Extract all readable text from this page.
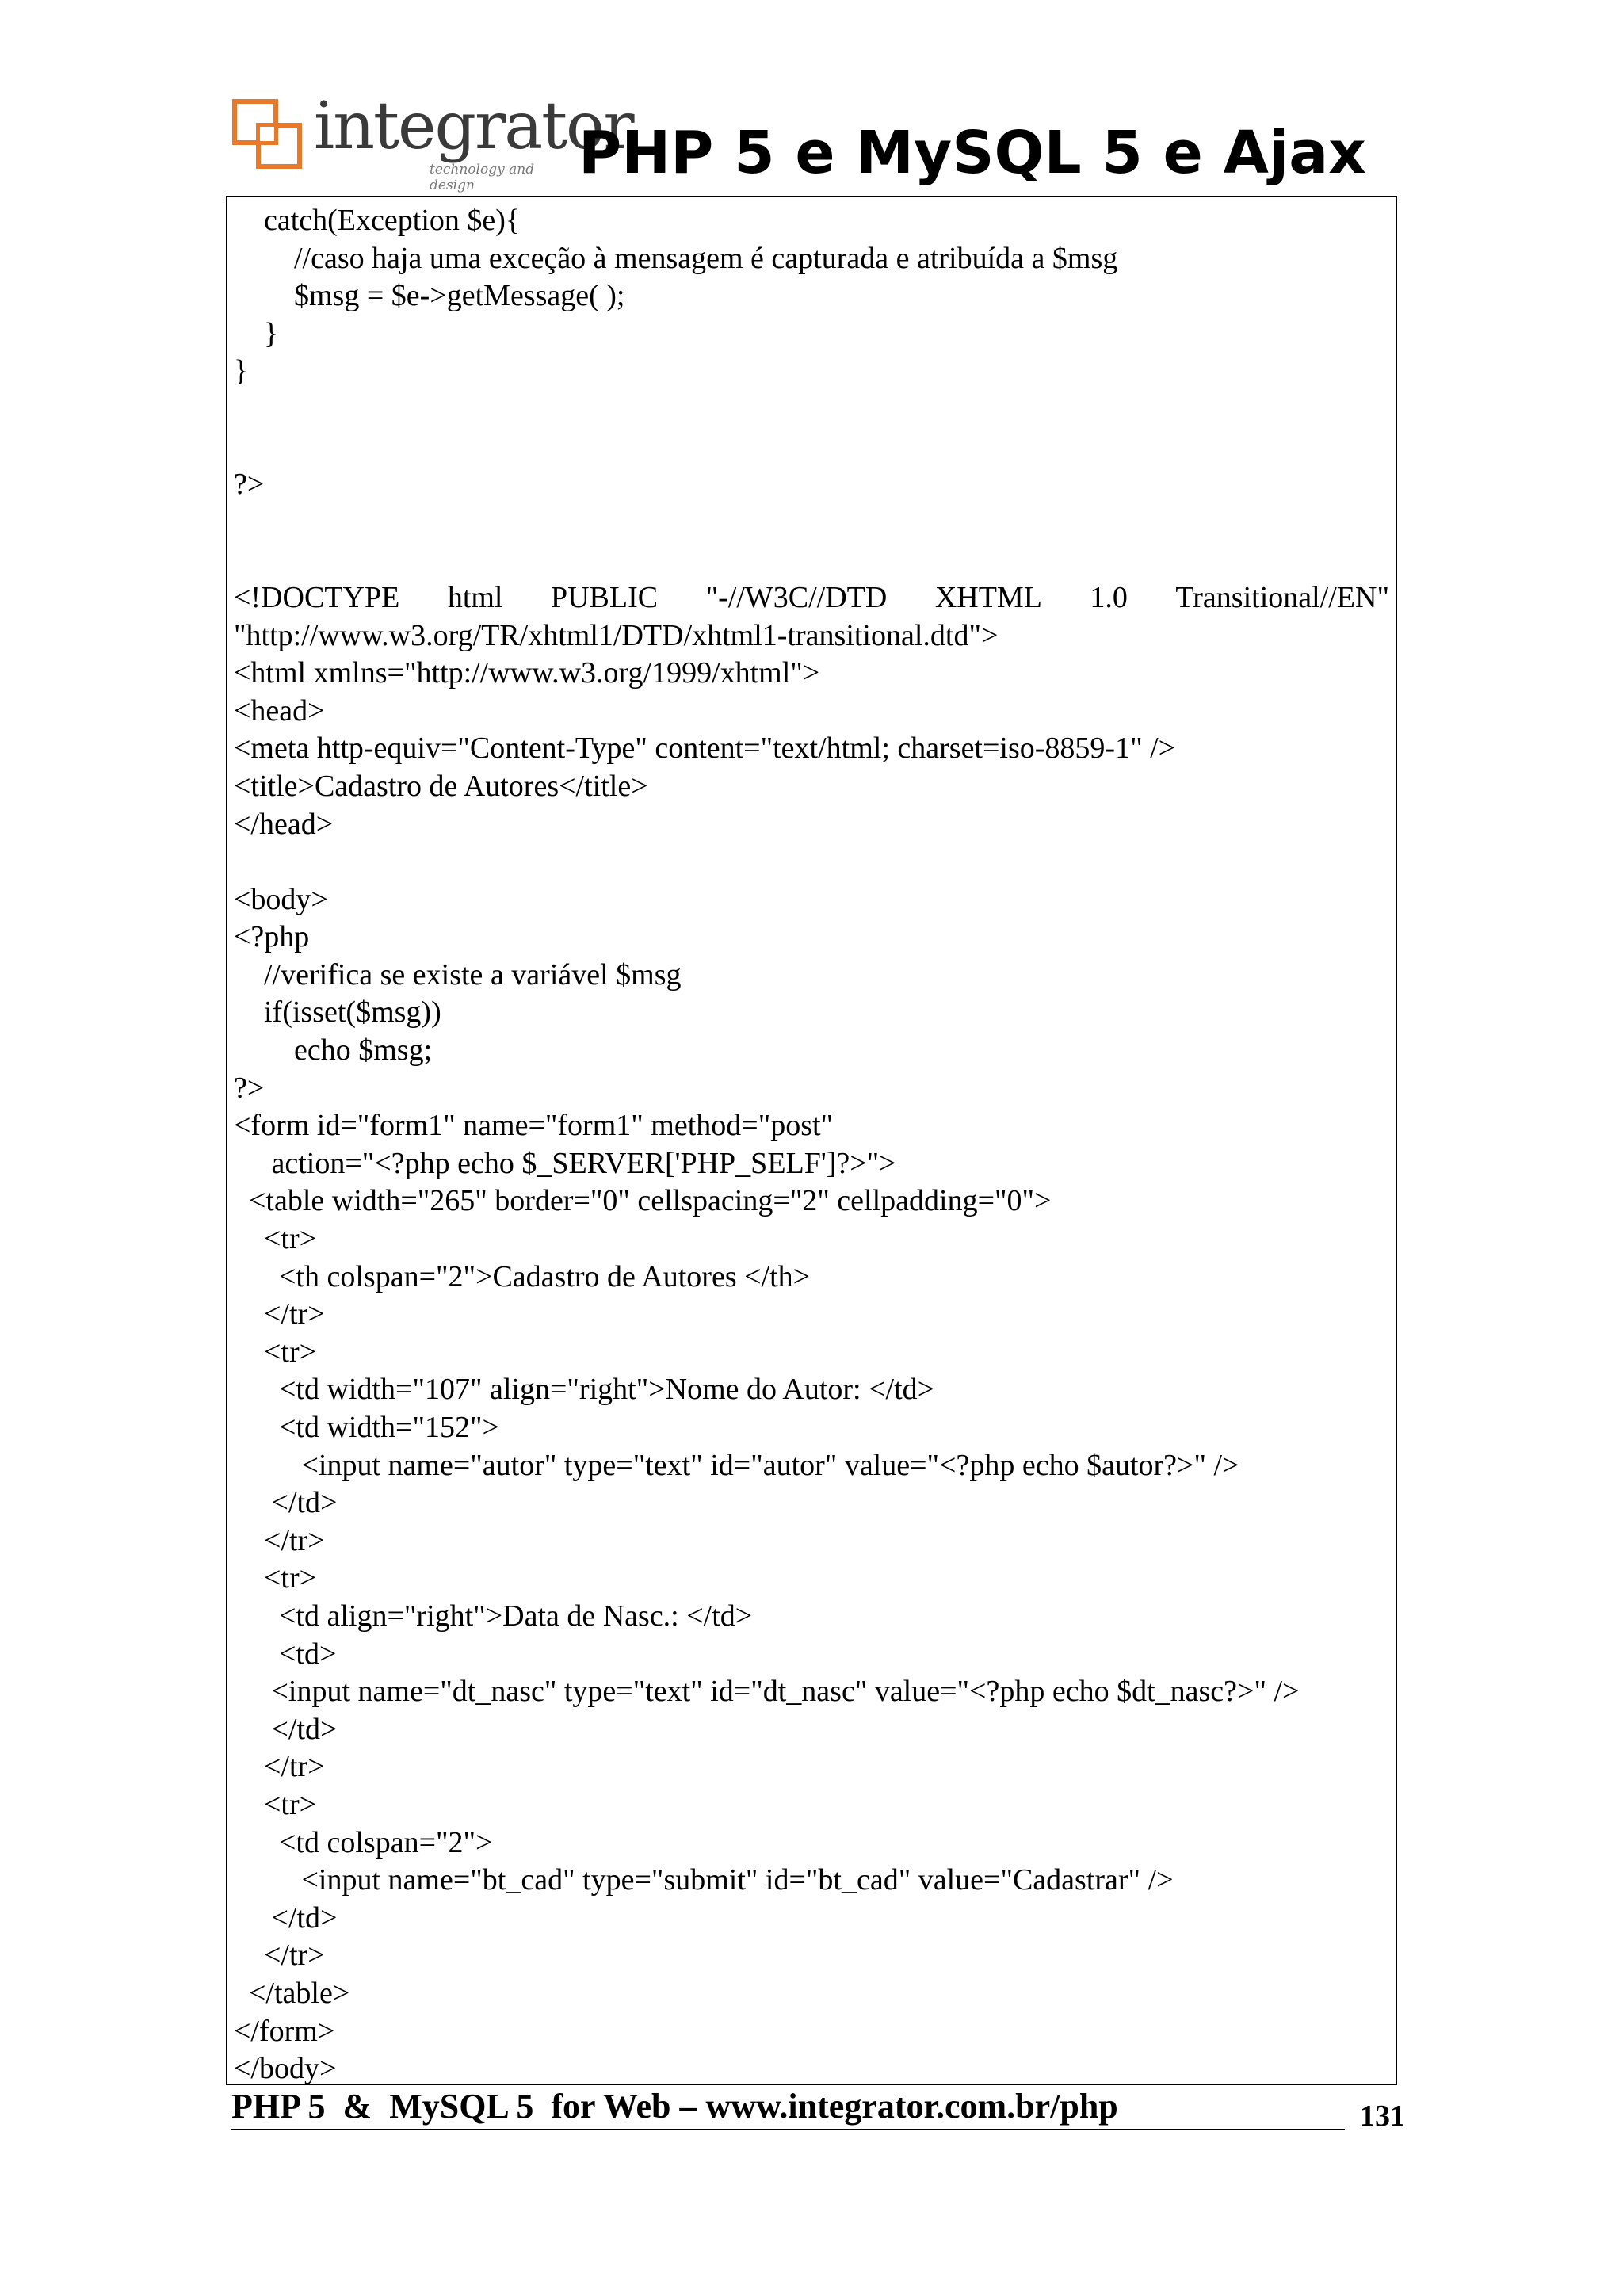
integrator
technology and design	PHP 5 e MySQL 5 e Ajax
catch(Exception $e){
//caso haja uma exceção à mensagem é capturada e atribuída a $msg
$msg = $e->getMessage( );
}
}
?>
<!DOCTYPE html PUBLIC "-//W3C//DTD XHTML 1.0 Transitional//EN"
"http://www.w3.org/TR/xhtml1/DTD/xhtml1-transitional.dtd">
<html xmlns="http://www.w3.org/1999/xhtml">
<head>
<meta http-equiv="Content-Type" content="text/html; charset=iso-8859-1" />
<title>Cadastro de Autores</title>
</head>
<body>
<?php
//verifica se existe a variável $msg
if(isset($msg))
echo $msg;
?>
<form id="form1" name="form1" method="post"
action="<?php echo $_SERVER['PHP_SELF']?>">
<table width="265" border="0" cellspacing="2" cellpadding="0">
<tr>
<th colspan="2">Cadastro de Autores </th>
</tr>
<tr>
<td width="107" align="right">Nome do Autor: </td>
<td width="152">
<input name="autor" type="text" id="autor" value="<?php echo $autor?>" />
</td>
</tr>
<tr>
<td align="right">Data de Nasc.: </td>
<td>
<input name="dt_nasc" type="text" id="dt_nasc" value="<?php echo $dt_nasc?>" />
</td>
</tr>
<tr>
<td colspan="2">
<input name="bt_cad" type="submit" id="bt_cad" value="Cadastrar" />
</td>
</tr>
</table>
</form>
</body>
PHP 5  &  MySQL 5  for Web – www.integrator.com.br/php	131
